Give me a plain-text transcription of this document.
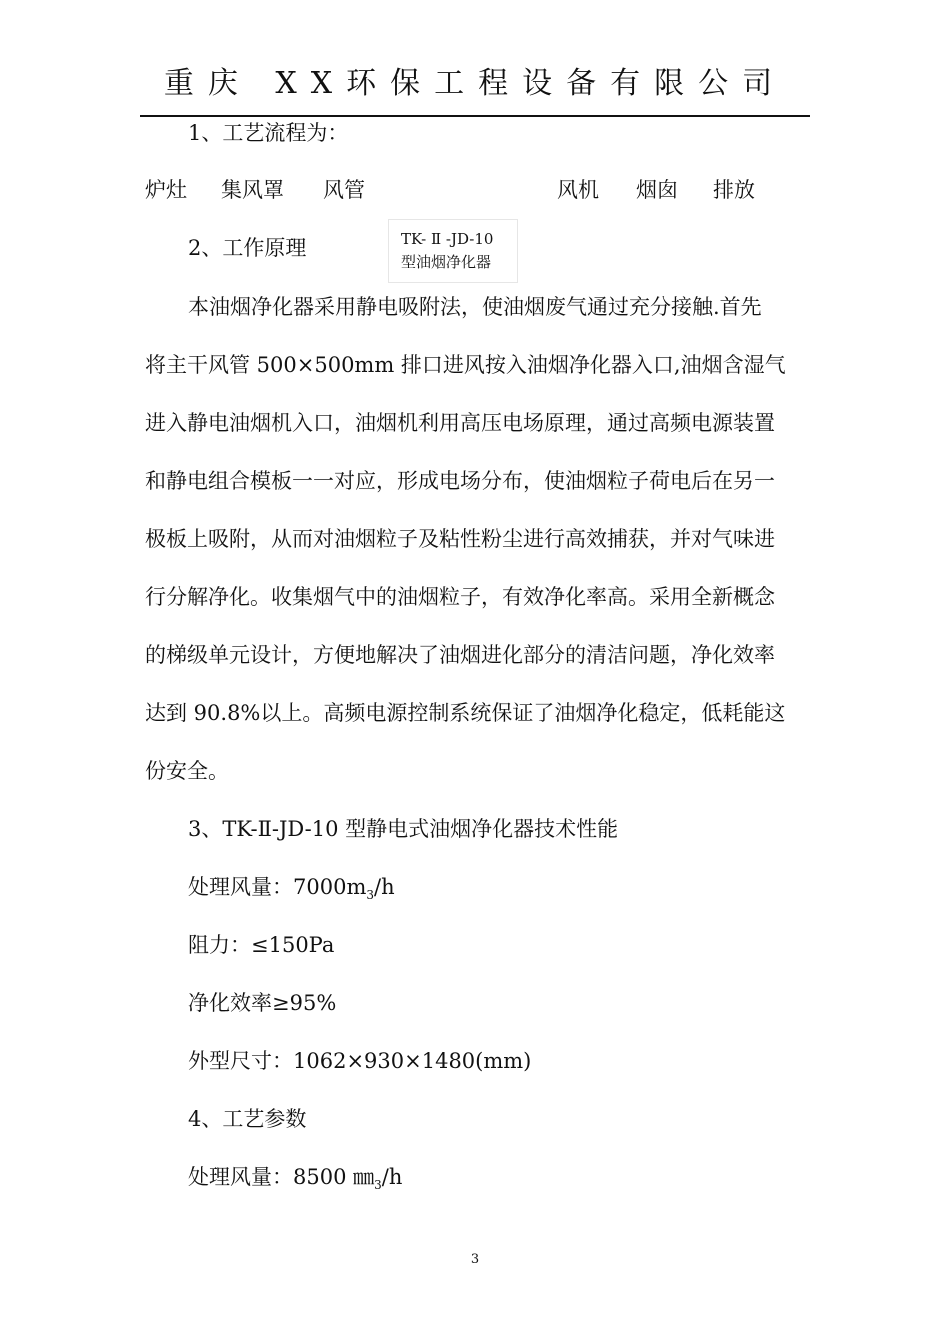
重庆 XX环保工程设备有限公司
1、工艺流程为：
炉灶 集风罩 风管	风机 烟囱 排放
2、工作原理	TK- Ⅱ -JD-10
型油烟净化器
本油烟净化器采用静电吸附法，使油烟废气通过充分接触.首先
将主干风管 500×500mm 排口进风按入油烟净化器入口,油烟含湿气
进入静电油烟机入口，油烟机利用高压电场原理，通过高频电源装置
和静电组合模板一一对应，形成电场分布，使油烟粒子荷电后在另一
极板上吸附，从而对油烟粒子及粘性粉尘进行高效捕获，并对气味进
行分解净化。收集烟气中的油烟粒子，有效净化率高。采用全新概念
的梯级单元设计，方便地解决了油烟进化部分的清洁问题，净化效率
达到 90.8%以上。高频电源控制系统保证了油烟净化稳定，低耗能这
份安全。
3、TK-Ⅱ-JD-10 型静电式油烟净化器技术性能
处理风量：$7000m_3/h$
阻力：≤150Pa
净化效率≥95%
外型尺寸：1062×930×1480(mm)
4、工艺参数
处理风量：8500 $㎜_3/h$
3
